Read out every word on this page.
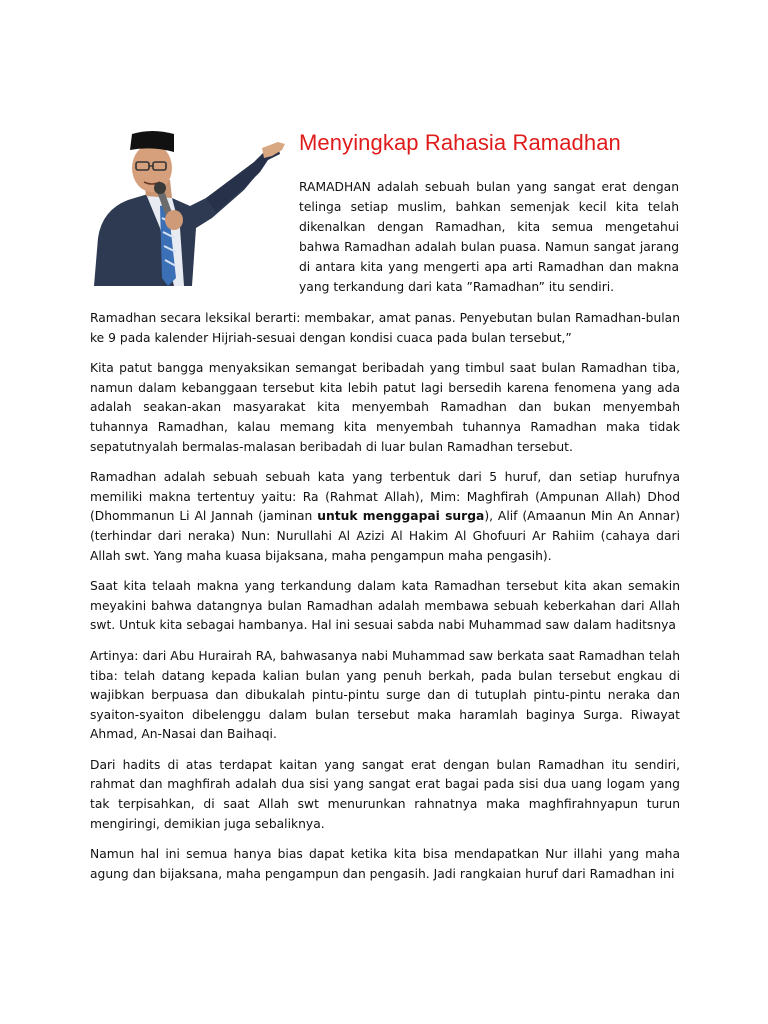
Menyingkap Rahasia Ramadhan

RAMADHAN adalah sebuah bulan yang sangat erat dengan telinga setiap muslim, bahkan semenjak kecil kita telah dikenalkan dengan Ramadhan, kita semua mengetahui bahwa Ramadhan adalah bulan puasa. Namun sangat jarang di antara kita yang mengerti apa arti Ramadhan dan makna yang terkandung dari kata ”Ramadhan” itu sendiri.

Ramadhan secara leksikal berarti: membakar, amat panas. Penyebutan bulan Ramadhan-bulan ke 9 pada kalender Hijriah-sesuai dengan kondisi cuaca pada bulan tersebut,”

Kita patut bangga menyaksikan semangat beribadah yang timbul saat bulan Ramadhan tiba, namun dalam kebanggaan tersebut kita lebih patut lagi bersedih karena fenomena yang ada adalah seakan-akan masyarakat kita menyembah Ramadhan dan bukan menyembah tuhannya Ramadhan, kalau memang kita menyembah tuhannya Ramadhan maka tidak sepatutnyalah bermalas-malasan beribadah di luar bulan Ramadhan tersebut.

Ramadhan adalah sebuah sebuah kata yang terbentuk dari 5 huruf, dan setiap hurufnya memiliki makna tertentuy yaitu: Ra (Rahmat Allah), Mim: Maghfirah (Ampunan Allah) Dhod (Dhommanun Li Al Jannah (jaminan untuk menggapai surga), Alif (Amaanun Min An Annar) (terhindar dari neraka) Nun: Nurullahi Al Azizi Al Hakim Al Ghofuuri Ar Rahiim (cahaya dari Allah swt. Yang maha kuasa bijaksana, maha pengampun maha pengasih).

Saat kita telaah makna yang terkandung dalam kata Ramadhan tersebut kita akan semakin meyakini bahwa datangnya bulan Ramadhan adalah membawa sebuah keberkahan dari Allah swt. Untuk kita sebagai hambanya. Hal ini sesuai sabda nabi Muhammad saw dalam haditsnya

Artinya: dari Abu Hurairah RA, bahwasanya nabi Muhammad saw berkata saat Ramadhan telah tiba: telah datang kepada kalian bulan yang penuh berkah, pada bulan tersebut engkau di wajibkan berpuasa dan dibukalah pintu-pintu surge dan di tutuplah pintu-pintu neraka dan syaiton-syaiton dibelenggu dalam bulan tersebut maka haramlah baginya Surga. Riwayat Ahmad, An-Nasai dan Baihaqi.

Dari hadits di atas terdapat kaitan yang sangat erat dengan bulan Ramadhan itu sendiri, rahmat dan maghfirah adalah dua sisi yang sangat erat bagai pada sisi dua uang logam yang tak terpisahkan, di saat Allah swt menurunkan rahnatnya maka maghfirahnyapun turun mengiringi, demikian juga sebaliknya.

Namun hal ini semua hanya bias dapat ketika kita bisa mendapatkan Nur illahi yang maha agung dan bijaksana, maha pengampun dan pengasih. Jadi rangkaian huruf dari Ramadhan ini
